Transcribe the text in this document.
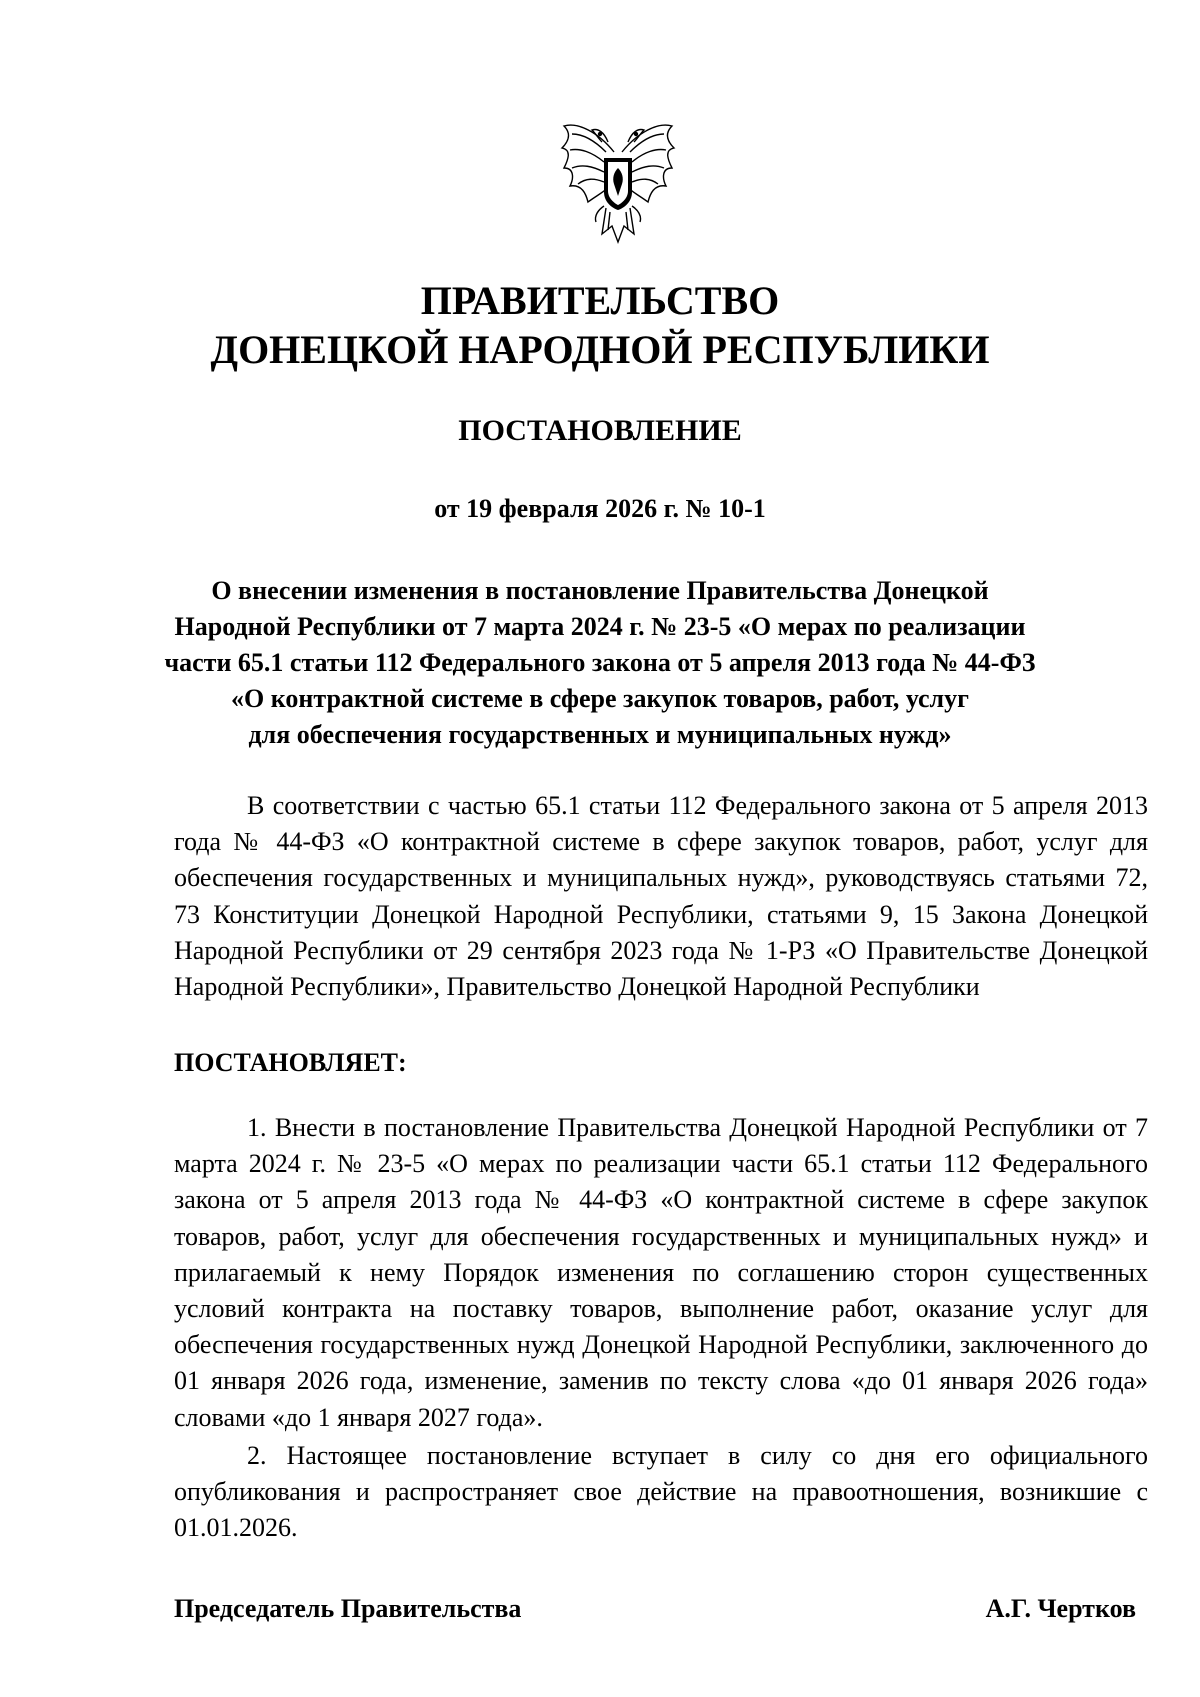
ПРАВИТЕЛЬСТВО
ДОНЕЦКОЙ НАРОДНОЙ РЕСПУБЛИКИ
ПОСТАНОВЛЕНИЕ

от 19 февраля 2026 г. № 10-1

О внесении изменения в постановление Правительства Донецкой
Народной Республики от 7 марта 2024 г. № 23-5 «О мерах по реализации
части 65.1 статьи 112 Федерального закона от 5 апреля 2013 года № 44-ФЗ
«О контрактной системе в сфере закупок товаров, работ, услуг
для обеспечения государственных и муниципальных нужд»

В соответствии с частью 65.1 статьи 112 Федерального закона от 5 апреля 2013 года № 44-ФЗ «О контрактной системе в сфере закупок товаров, работ, услуг для обеспечения государственных и муниципальных нужд», руководствуясь статьями 72, 73 Конституции Донецкой Народной Республики, статьями 9, 15 Закона Донецкой Народной Республики от 29 сентября 2023 года № 1-РЗ «О Правительстве Донецкой Народной Республики», Правительство Донецкой Народной Республики

ПОСТАНОВЛЯЕТ:

1. Внести в постановление Правительства Донецкой Народной Республики от 7 марта 2024 г. № 23-5 «О мерах по реализации части 65.1 статьи 112 Федерального закона от 5 апреля 2013 года № 44-ФЗ «О контрактной системе в сфере закупок товаров, работ, услуг для обеспечения государственных и муниципальных нужд» и прилагаемый к нему Порядок изменения по соглашению сторон существенных условий контракта на поставку товаров, выполнение работ, оказание услуг для обеспечения государственных нужд Донецкой Народной Республики, заключенного до 01 января 2026 года, изменение, заменив по тексту слова «до 01 января 2026 года» словами «до 1 января 2027 года».

2. Настоящее постановление вступает в силу со дня его официального опубликования и распространяет свое действие на правоотношения, возникшие с 01.01.2026.

Председатель Правительства	А.Г. Чертков
